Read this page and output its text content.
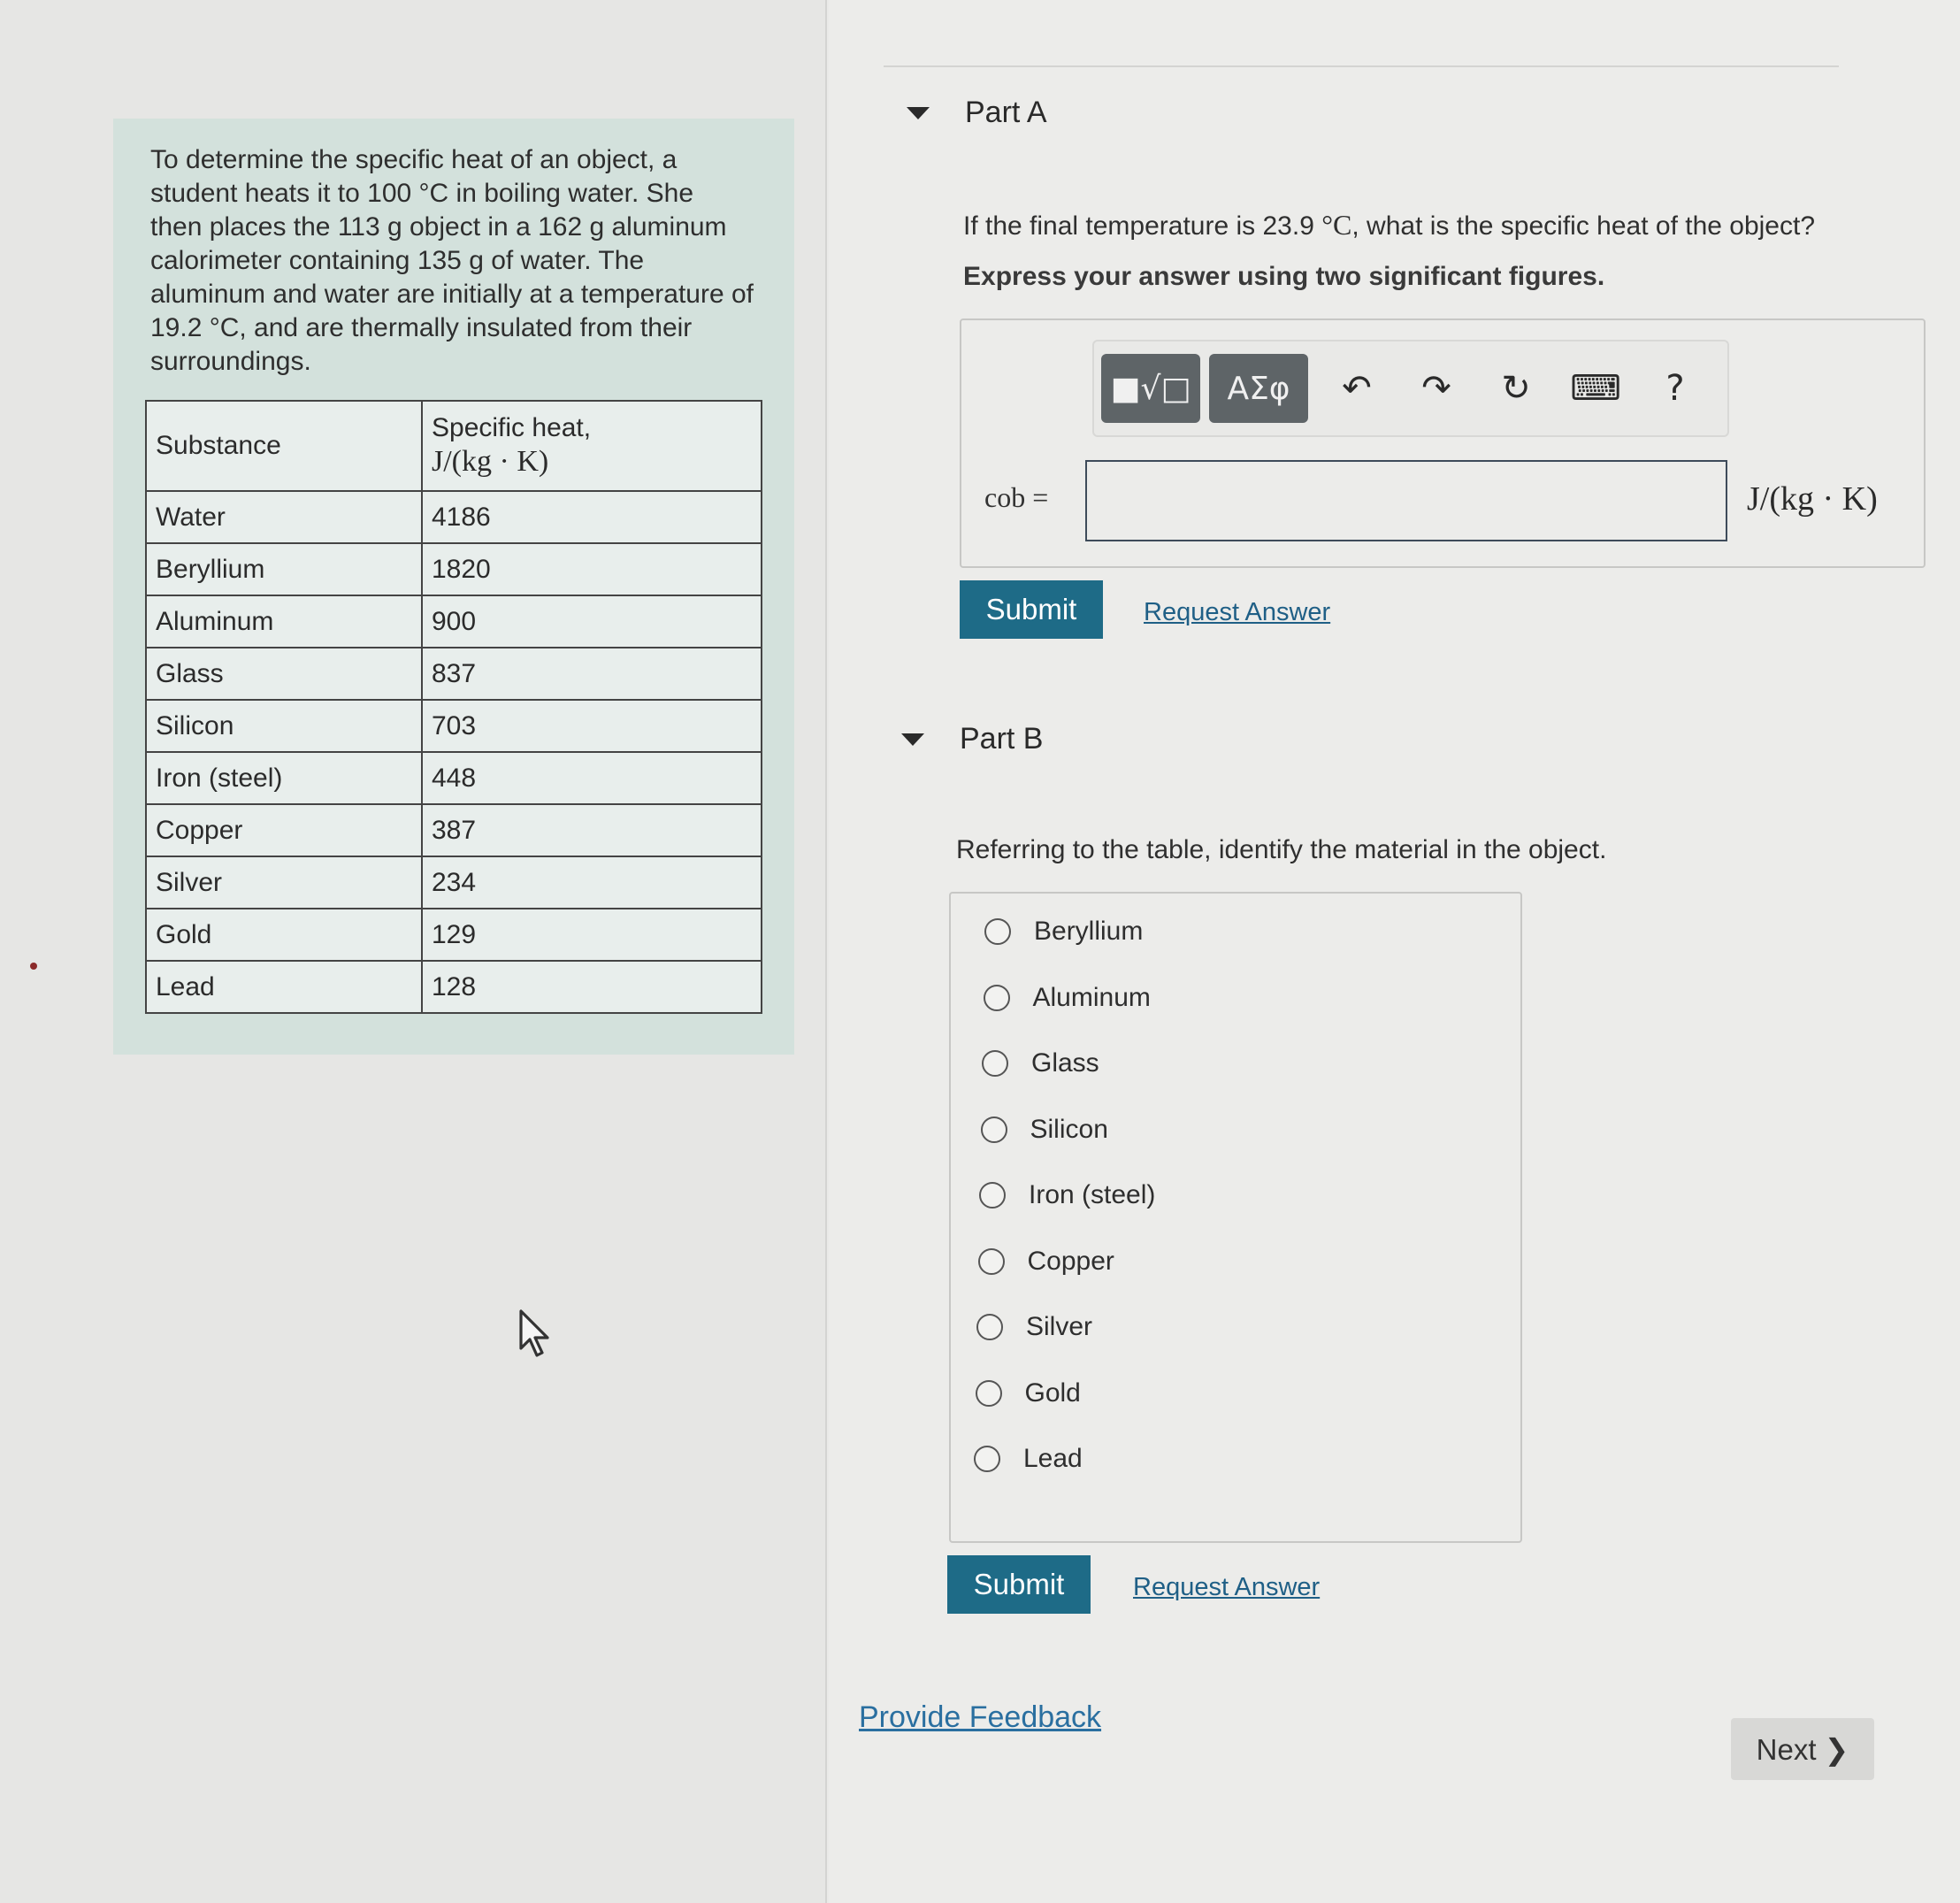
To determine the specific heat of an object, a
student heats it to 100 °C in boiling water. She
then places the 113 g object in a 162 g aluminum
calorimeter containing 135 g of water. The
aluminum and water are initially at a temperature of
19.2 °C, and are thermally insulated from their
surroundings.
Substance	Specific heat,
J/(kg · K)

Water	4186
Beryllium	1820
Aluminum	900
Glass	837
Silicon	703
Iron (steel)	448
Copper	387
Silver	234
Gold	129
Lead	128
Part A
If the final temperature is 23.9 °C, what is the specific heat of the object?
Express your answer using two significant figures.
■√□	ΑΣφ	↶	↷	↻	⌨	?
cob =	J/(kg · K)
Submit	Request Answer
Part B
Referring to the table, identify the material in the object.
Beryllium
Aluminum
Glass
Silicon
Iron (steel)
Copper
Silver
Gold
Lead
Submit	Request Answer
Provide Feedback
Next ❯
